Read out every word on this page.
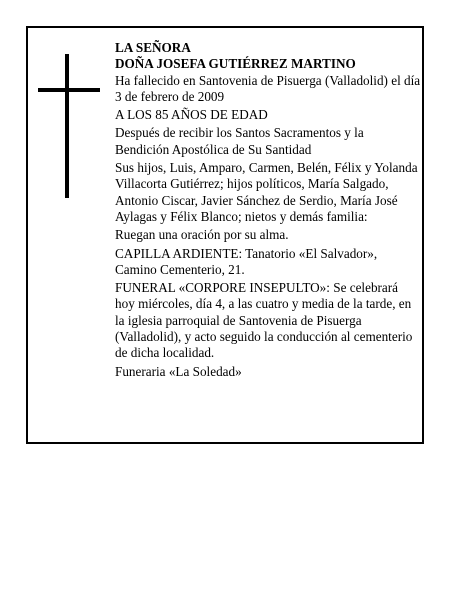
LA SEÑORA

DOÑA JOSEFA GUTIÉRREZ MARTINO

Ha fallecido en Santovenia de Pisuerga (Valladolid) el día 3 de febrero de 2009

A LOS 85 AÑOS DE EDAD

Después de recibir los Santos Sacramentos y la Bendición Apostólica de Su Santidad

Sus hijos, Luis, Amparo, Carmen, Belén, Félix y Yolanda Villacorta Gutiérrez; hijos políticos, María Salgado, Antonio Ciscar, Javier Sánchez de Serdio, María José Aylagas y Félix Blanco; nietos y demás familia:

Ruegan una oración por su alma.

CAPILLA ARDIENTE: Tanatorio «El Salvador», Camino Cementerio, 21.

FUNERAL «CORPORE INSEPULTO»: Se celebrará hoy miércoles, día 4, a las cuatro y media de la tarde, en la iglesia parroquial de Santovenia de Pisuerga (Valladolid), y acto seguido la conducción al cementerio de dicha localidad.

Funeraria «La Soledad»
